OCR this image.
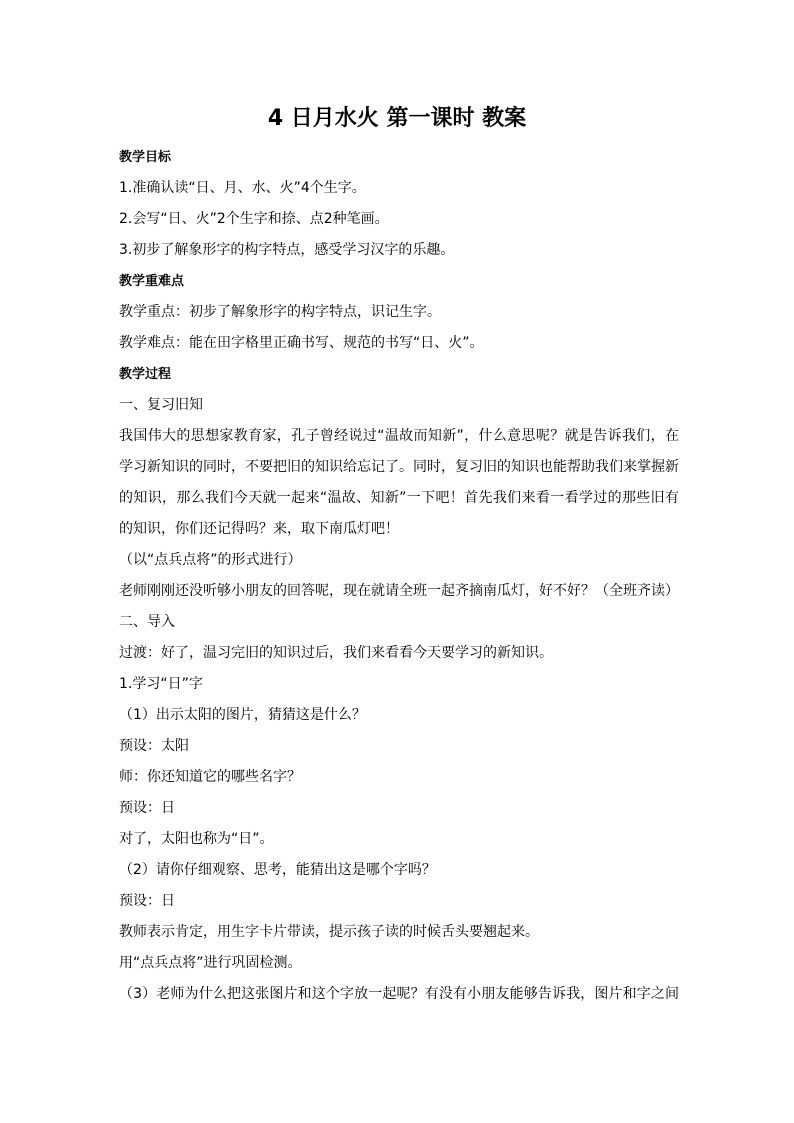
4 日月水火 第一课时 教案
教学目标
1.准确认读“日、月、水、火”4个生字。
2.会写“日、火”2个生字和捺、点2种笔画。
3.初步了解象形字的构字特点，感受学习汉字的乐趣。
教学重难点
教学重点：初步了解象形字的构字特点，识记生字。
教学难点：能在田字格里正确书写、规范的书写“日、火”。
教学过程
一、复习旧知
我国伟大的思想家教育家，孔子曾经说过“温故而知新”，什么意思呢？就是告诉我们，在
学习新知识的同时，不要把旧的知识给忘记了。同时，复习旧的知识也能帮助我们来掌握新
的知识，那么我们今天就一起来“温故、知新”一下吧！首先我们来看一看学过的那些旧有
的知识，你们还记得吗？来，取下南瓜灯吧！
（以“点兵点将”的形式进行）
老师刚刚还没听够小朋友的回答呢，现在就请全班一起齐摘南瓜灯，好不好？（全班齐读）
二、导入
过渡：好了，温习完旧的知识过后，我们来看看今天要学习的新知识。
1.学习“日”字
（1）出示太阳的图片，猜猜这是什么？
预设：太阳
师：你还知道它的哪些名字？
预设：日
对了，太阳也称为“日”。
（2）请你仔细观察、思考，能猜出这是哪个字吗？
预设：日
教师表示肯定，用生字卡片带读，提示孩子读的时候舌头要翘起来。
用“点兵点将”进行巩固检测。
（3）老师为什么把这张图片和这个字放一起呢？有没有小朋友能够告诉我，图片和字之间
